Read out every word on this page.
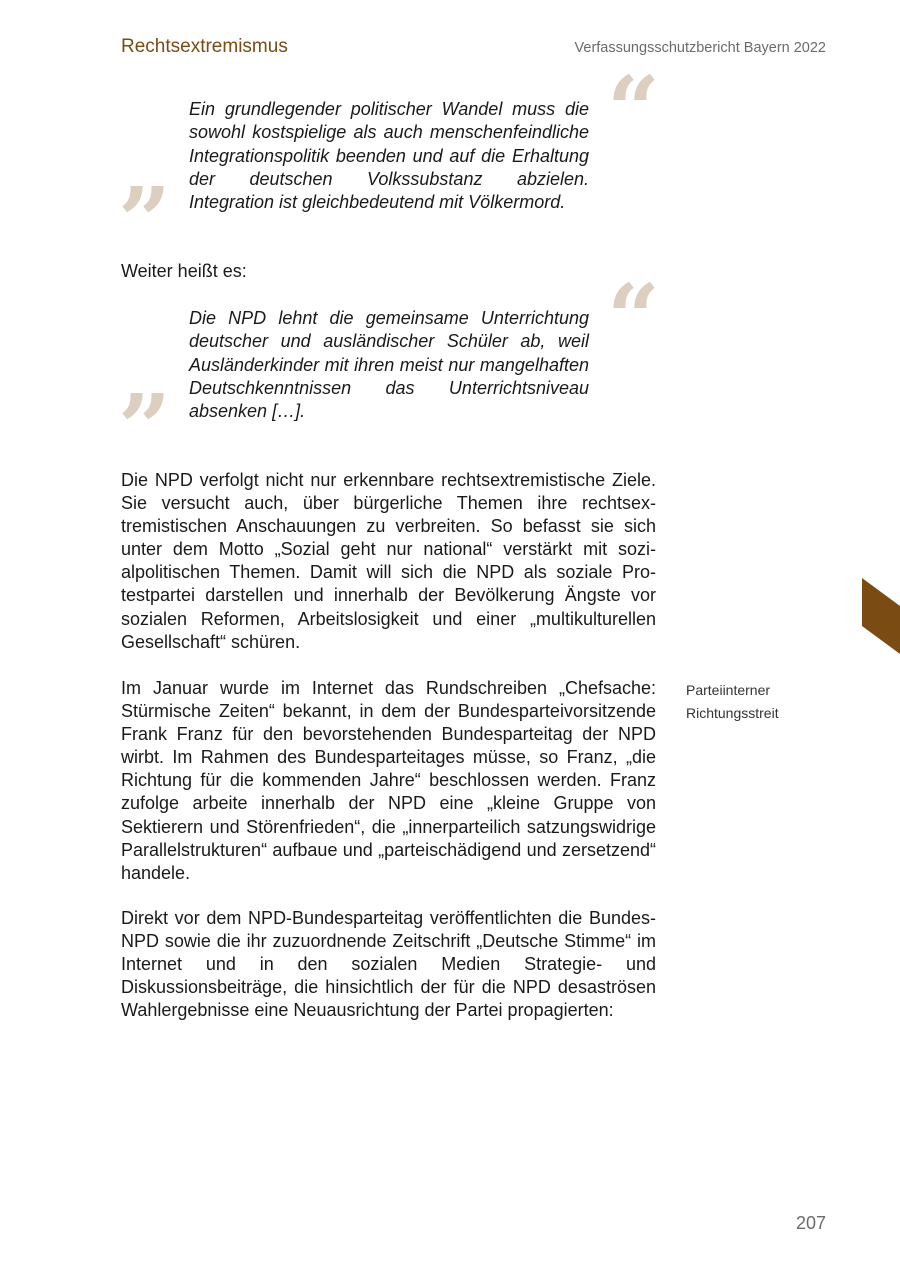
Rechtsextremismus	Verfassungsschutzbericht Bayern 2022
“
”
Ein grundlegender politischer Wandel muss die sowohl kostspielige als auch menschenfeindliche Integrationspolitik beenden und auf die Erhaltung der deutschen Volkssubstanz abzielen. Integration ist gleichbedeutend mit Völkermord.
Weiter heißt es:	“
”
Die NPD lehnt die gemeinsame Unterrichtung deutscher und ausländischer Schüler ab, weil Ausländerkinder mit ihren meist nur mangelhaften Deutschkenntnissen das Unterrichtsniveau absenken […].
Die NPD verfolgt nicht nur erkennbare rechtsextremistische Ziele. Sie versucht auch, über bürgerliche Themen ihre rechtsextremistischen Anschauungen zu verbreiten. So befasst sie sich unter dem Motto „Sozial geht nur national“ verstärkt mit sozialpolitischen Themen. Damit will sich die NPD als soziale Protestpartei darstellen und innerhalb der Bevölkerung Ängste vor sozialen Reformen, Arbeitslosigkeit und einer „multikulturellen Gesellschaft“ schüren.
Im Januar wurde im Internet das Rundschreiben „Chefsache: Stürmische Zeiten“ bekannt, in dem der Bundesparteivorsitzende Frank Franz für den bevorstehenden Bundesparteitag der NPD wirbt. Im Rahmen des Bundesparteitages müsse, so Franz, „die Richtung für die kommenden Jahre“ beschlossen werden. Franz zufolge arbeite innerhalb der NPD eine „kleine Gruppe von Sektierern und Störenfrieden“, die „innerparteilich satzungswidrige Parallelstrukturen“ aufbaue und „parteischädigend und zersetzend“ handele.
Direkt vor dem NPD-Bundesparteitag veröffentlichten die Bundes-NPD sowie die ihr zuzuordnende Zeitschrift „Deutsche Stimme“ im Internet und in den sozialen Medien Strategie- und Diskussionsbeiträge, die hinsichtlich der für die NPD desaströsen Wahlergebnisse eine Neuausrichtung der Partei propagierten:
Parteiinterner
Richtungsstreit
207
